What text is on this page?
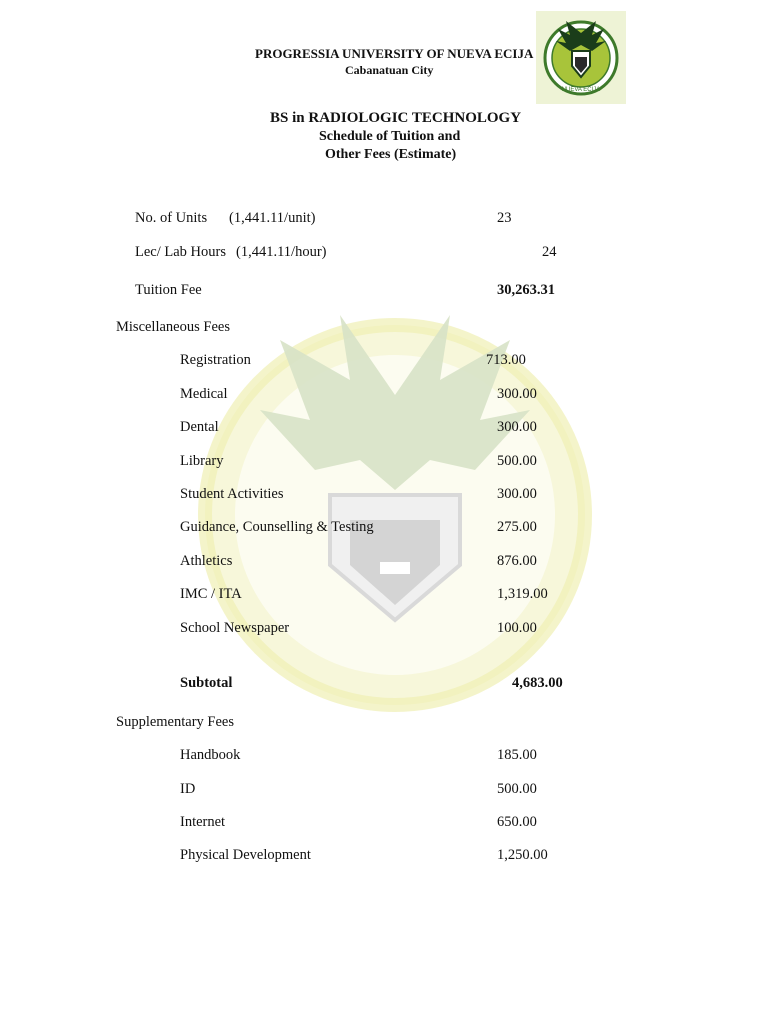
PROGRESSIA UNIVERSITY OF NUEVA ECIJA
Cabanatuan City
NUEVA ECIJA
BS in RADIOLOGIC TECHNOLOGY
Schedule of Tuition and
Other Fees (Estimate)
No. of Units (1,441.11/unit)	23
Lec/ Lab Hours (1,441.11/hour)	24
Tuition Fee	30,263.31
Miscellaneous Fees
Registration	713.00
Medical	300.00
Dental	300.00
Library	500.00
Student Activities	300.00
Guidance, Counselling & Testing	275.00
Athletics	876.00
IMC / ITA	1,319.00
School Newspaper	100.00
Subtotal	4,683.00
Supplementary Fees
Handbook	185.00
ID	500.00
Internet	650.00
Physical Development	1,250.00
